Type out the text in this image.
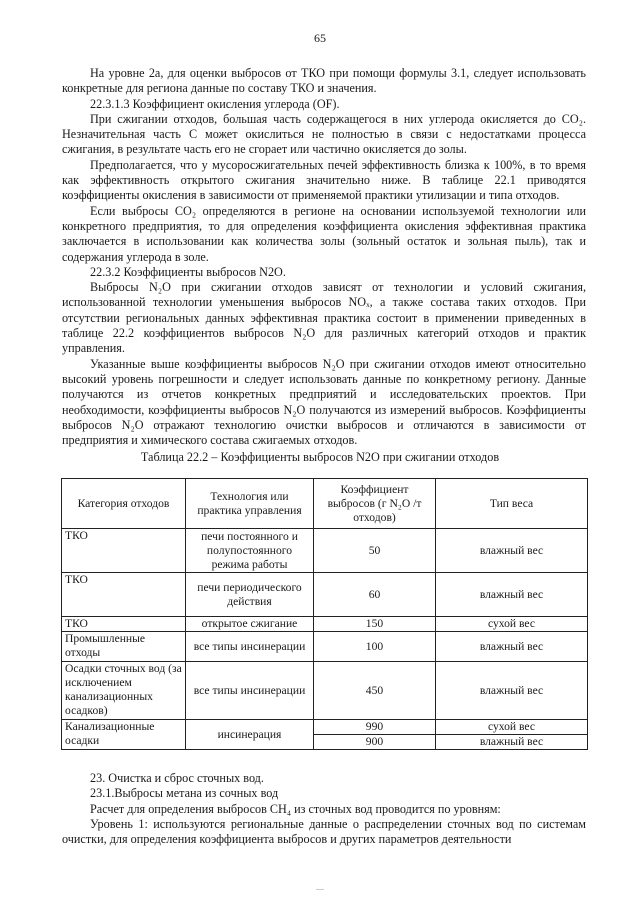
65

На уровне 2а, для оценки выбросов от ТКО при помощи формулы 3.1, следует использовать конкретные для региона данные по составу ТКО и значения.

22.3.1.3 Коэффициент окисления углерода (OF).

При сжигании отходов, большая часть содержащегося в них углерода окисляется до CO₂. Незначительная часть C может окислиться не полностью в связи с недостатками процесса сжигания, в результате часть его не сгорает или частично окисляется до золы.

Предполагается, что у мусоросжигательных печей эффективность близка к 100%, в то время как эффективность открытого сжигания значительно ниже. В таблице 22.1 приводятся коэффициенты окисления в зависимости от применяемой практики утилизации и типа отходов.

Если выбросы CO₂ определяются в регионе на основании используемой технологии или конкретного предприятия, то для определения коэффициента окисления эффективная практика заключается в использовании как количества золы (зольный остаток и зольная пыль), так и содержания углерода в золе.

22.3.2 Коэффициенты выбросов N2O.

Выбросы N₂O при сжигании отходов зависят от технологии и условий сжигания, использованной технологии уменьшения выбросов NOₓ, а также состава таких отходов. При отсутствии региональных данных эффективная практика состоит в применении приведенных в таблице 22.2 коэффициентов выбросов N₂O для различных категорий отходов и практик управления.

Указанные выше коэффициенты выбросов N₂O при сжигании отходов имеют относительно высокий уровень погрешности и следует использовать данные по конкретному региону. Данные получаются из отчетов конкретных предприятий и исследовательских проектов. При необходимости, коэффициенты выбросов N₂O получаются из измерений выбросов. Коэффициенты выбросов N₂O отражают технологию очистки выбросов и отличаются в зависимости от предприятия и химического состава сжигаемых отходов.

Таблица 22.2 – Коэффициенты выбросов N2O при сжигании отходов
Категория отходов	Технология или практика управления	Коэффициент выбросов (г N₂O /т отходов)	Тип веса
ТКО	печи постоянного и полупостоянного режима работы	50	влажный вес
ТКО	печи периодического действия	60	влажный вес
ТКО	открытое сжигание	150	сухой вес
Промышленные отходы	все типы инсинерации	100	влажный вес
Осадки сточных вод (за исключением канализационных осадков)	все типы инсинерации	450	влажный вес
Канализационные осадки	инсинерация	990	сухой вес
		900	влажный вес

23. Очистка и сброс сточных вод.

23.1.Выбросы метана из сочных вод

Расчет для определения выбросов CH₄ из сточных вод проводится по уровням:

Уровень 1: используются региональные данные о распределении сточных вод по системам очистки, для определения коэффициента выбросов и других параметров деятельности
